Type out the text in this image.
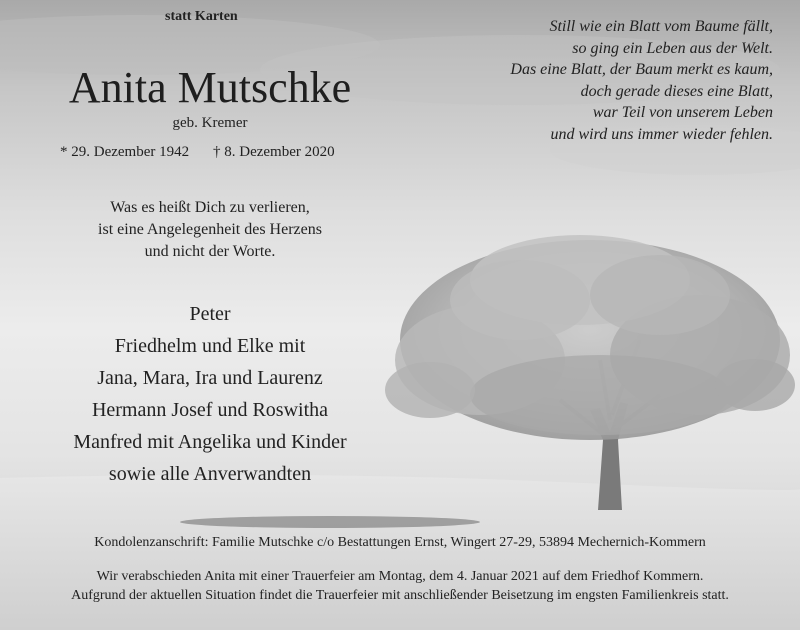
statt Karten
Anita Mutschke
geb. Kremer
* 29. Dezember 1942 † 8. Dezember 2020
Still wie ein Blatt vom Baume fällt,
so ging ein Leben aus der Welt.
Das eine Blatt, der Baum merkt es kaum,
doch gerade dieses eine Blatt,
war Teil von unserem Leben
und wird uns immer wieder fehlen.
Was es heißt Dich zu verlieren,
ist eine Angelegenheit des Herzens
und nicht der Worte.
Peter
Friedhelm und Elke mit
Jana, Mara, Ira und Laurenz
Hermann Josef und Roswitha
Manfred mit Angelika und Kinder
sowie alle Anverwandten
Kondolenzanschrift: Familie Mutschke c/o Bestattungen Ernst, Wingert 27-29, 53894 Mechernich-Kommern
Wir verabschieden Anita mit einer Trauerfeier am Montag, dem 4. Januar 2021 auf dem Friedhof Kommern.
Aufgrund der aktuellen Situation findet die Trauerfeier mit anschließender Beisetzung im engsten Familienkreis statt.
